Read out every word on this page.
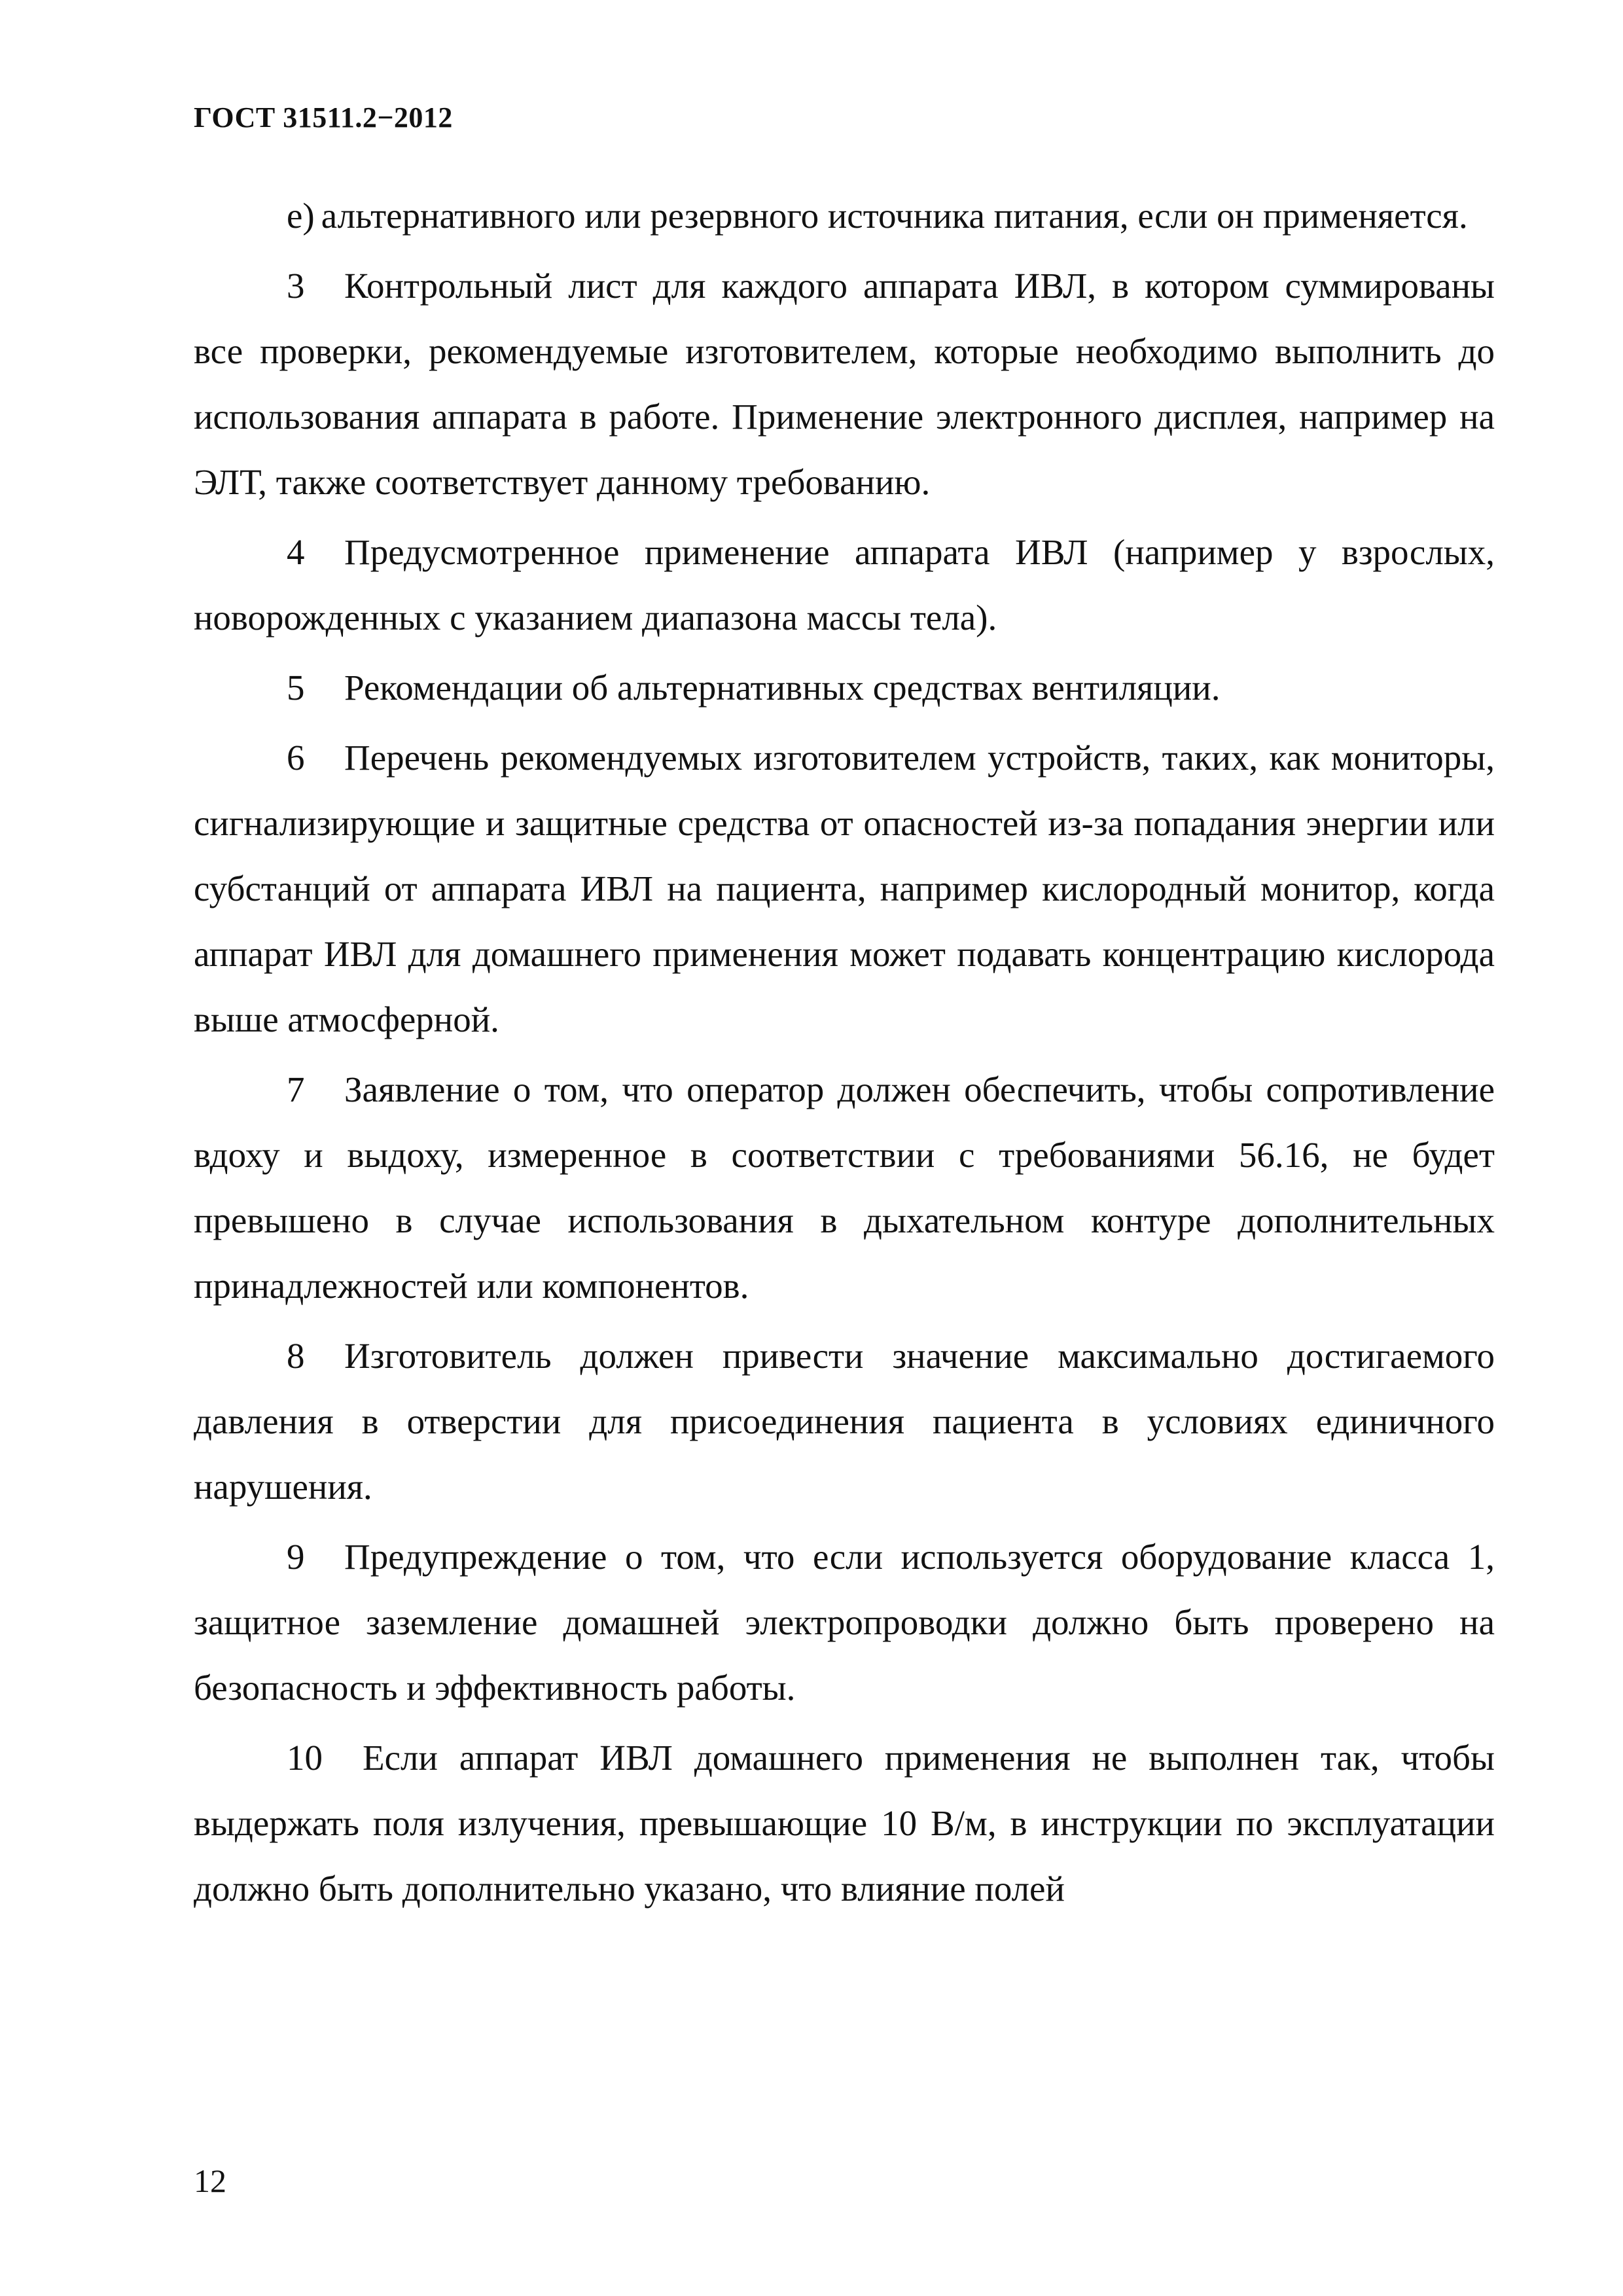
ГОСТ 31511.2−2012

e) альтернативного или резервного источника питания, если он применяется.

3 Контрольный лист для каждого аппарата ИВЛ, в котором суммированы все проверки, рекомендуемые изготовителем, которые необходимо выполнить до использования аппарата в работе. Применение электронного дисплея, например на ЭЛТ, также соответствует данному требованию.

4 Предусмотренное применение аппарата ИВЛ (например у взрослых, новорожденных с указанием диапазона массы тела).

5 Рекомендации об альтернативных средствах вентиляции.

6 Перечень рекомендуемых изготовителем устройств, таких, как мониторы, сигнализирующие и защитные средства от опасностей из-за попадания энергии или субстанций от аппарата ИВЛ на пациента, например кислородный монитор, когда аппарат ИВЛ для домашнего применения может подавать концентрацию кислорода выше атмосферной.

7 Заявление о том, что оператор должен обеспечить, чтобы сопротивление вдоху и выдоху, измеренное в соответствии с требованиями 56.16, не будет превышено в случае использования в дыхательном контуре дополнительных принадлежностей или компонентов.

8 Изготовитель должен привести значение максимально достигаемого давления в отверстии для присоединения пациента в условиях единичного нарушения.

9 Предупреждение о том, что если используется оборудование класса 1, защитное заземление домашней электропроводки должно быть проверено на безопасность и эффективность работы.

10 Если аппарат ИВЛ домашнего применения не выполнен так, чтобы выдержать поля излучения, превышающие 10 В/м, в инструкции по эксплуатации должно быть дополнительно указано, что влияние полей

12
